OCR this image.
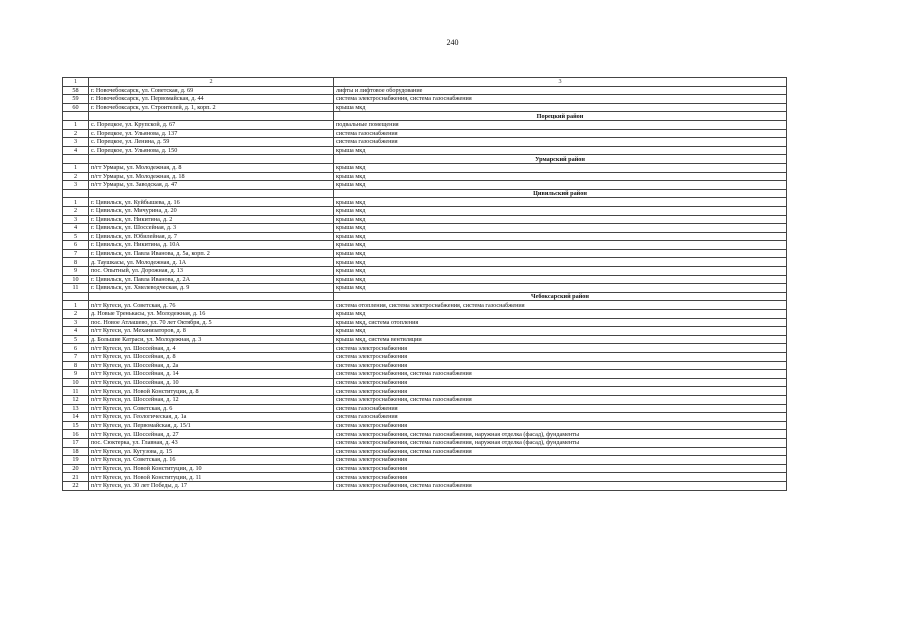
240
1	2	3
58	г. Новочебоксарск, ул. Советская, д. 69	лифты и лифтовое оборудование
59	г. Новочебоксарск, ул. Первомайская, д. 44	система электроснабжения, система газоснабжения
60	г. Новочебоксарск, ул. Строителей, д. 1, корп. 2	крыша мкд
		Порецкий район
1	с. Порецкое, ул. Крупской, д. 67	подвальные помещения
2	с. Порецкое, ул. Ульянова, д. 137	система газоснабжения
3	с. Порецкое, ул. Ленина, д. 59	система газоснабжения
4	с. Порецкое, ул. Ульянова, д. 150	крыша мкд
		Урмарский район
1	п/гт Урмары, ул. Молодежная, д. 8	крыша мкд
2	п/гт Урмары, ул. Молодежная, д. 18	крыша мкд
3	п/гт Урмары, ул. Заводская, д. 47	крыша мкд
		Цивильский район
1	г. Цивильск, ул. Куйбышева, д. 16	крыша мкд
2	г. Цивильск, ул. Мичурина, д. 20	крыша мкд
3	г. Цивильск, ул. Никитина, д. 2	крыша мкд
4	г. Цивильск, ул. Шоссейная, д. 3	крыша мкд
5	г. Цивильск, ул. Юбилейная, д. 7	крыша мкд
6	г. Цивильск, ул. Никитина, д. 10А	крыша мкд
7	г. Цивильск, ул. Павла Иванова, д. 5а, корп. 2	крыша мкд
8	д. Таушкасы, ул. Молодежная, д. 1А	крыша мкд
9	пос. Опытный, ул. Дорожная, д. 13	крыша мкд
10	г. Цивильск, ул. Павла Иванова, д. 2А	крыша мкд
11	г. Цивильск, ул. Хмелеводческая, д. 9	крыша мкд
		Чебоксарский район
1	п/гт Кугеси, ул. Советская, д. 76	система отопления, система электроснабжения, система газоснабжения
2	д. Новые Тренькасы, ул. Молодежная, д. 16	крыша мкд
3	пос. Новое Атлашево, ул. 70 лет Октября, д. 5	крыша мкд, система отопления
4	п/гт Кугеси, ул. Механизаторов, д. 8	крыша мкд
5	д. Большие Катраси, ул. Молодежная, д. 3	крыша мкд, система вентиляции
6	п/гт Кугеси, ул. Шоссейная, д. 4	система электроснабжения
7	п/гт Кугеси, ул. Шоссейная, д. 8	система электроснабжения
8	п/гт Кугеси, ул. Шоссейная, д. 2а	система электроснабжения
9	п/гт Кугеси, ул. Шоссейная, д. 14	система электроснабжения, система газоснабжения
10	п/гт Кугеси, ул. Шоссейная, д. 10	система электроснабжения
11	п/гт Кугеси, ул. Новой Конституции, д. 8	система электроснабжения
12	п/гт Кугеси, ул. Шоссейная, д. 12	система электроснабжения, система газоснабжения
13	п/гт Кугеси, ул. Советская, д. 6	система газоснабжения
14	п/гт Кугеси, ул. Геологическая, д. 1а	система газоснабжения
15	п/гт Кугеси, ул. Первомайская, д. 15/1	система электроснабжения
16	п/гт Кугеси, ул. Шоссейная, д. 27	система электроснабжения, система газоснабжения, наружная отделка (фасад), фундаменты
17	пос. Сюктерка, ул. Главная, д. 43	система электроснабжения, система газоснабжения, наружная отделка (фасад), фундаменты
18	п/гт Кугеси, ул. Кугузова, д. 15	система электроснабжения, система газоснабжения
19	п/гт Кугеси, ул. Советская, д. 16	система электроснабжения
20	п/гт Кугеси, ул. Новой Конституции, д. 10	система электроснабжения
21	п/гт Кугеси, ул. Новой Конституции, д. 11	система электроснабжения
22	п/гт Кугеси, ул. 30 лет Победы, д. 17	система электроснабжения, система газоснабжения
